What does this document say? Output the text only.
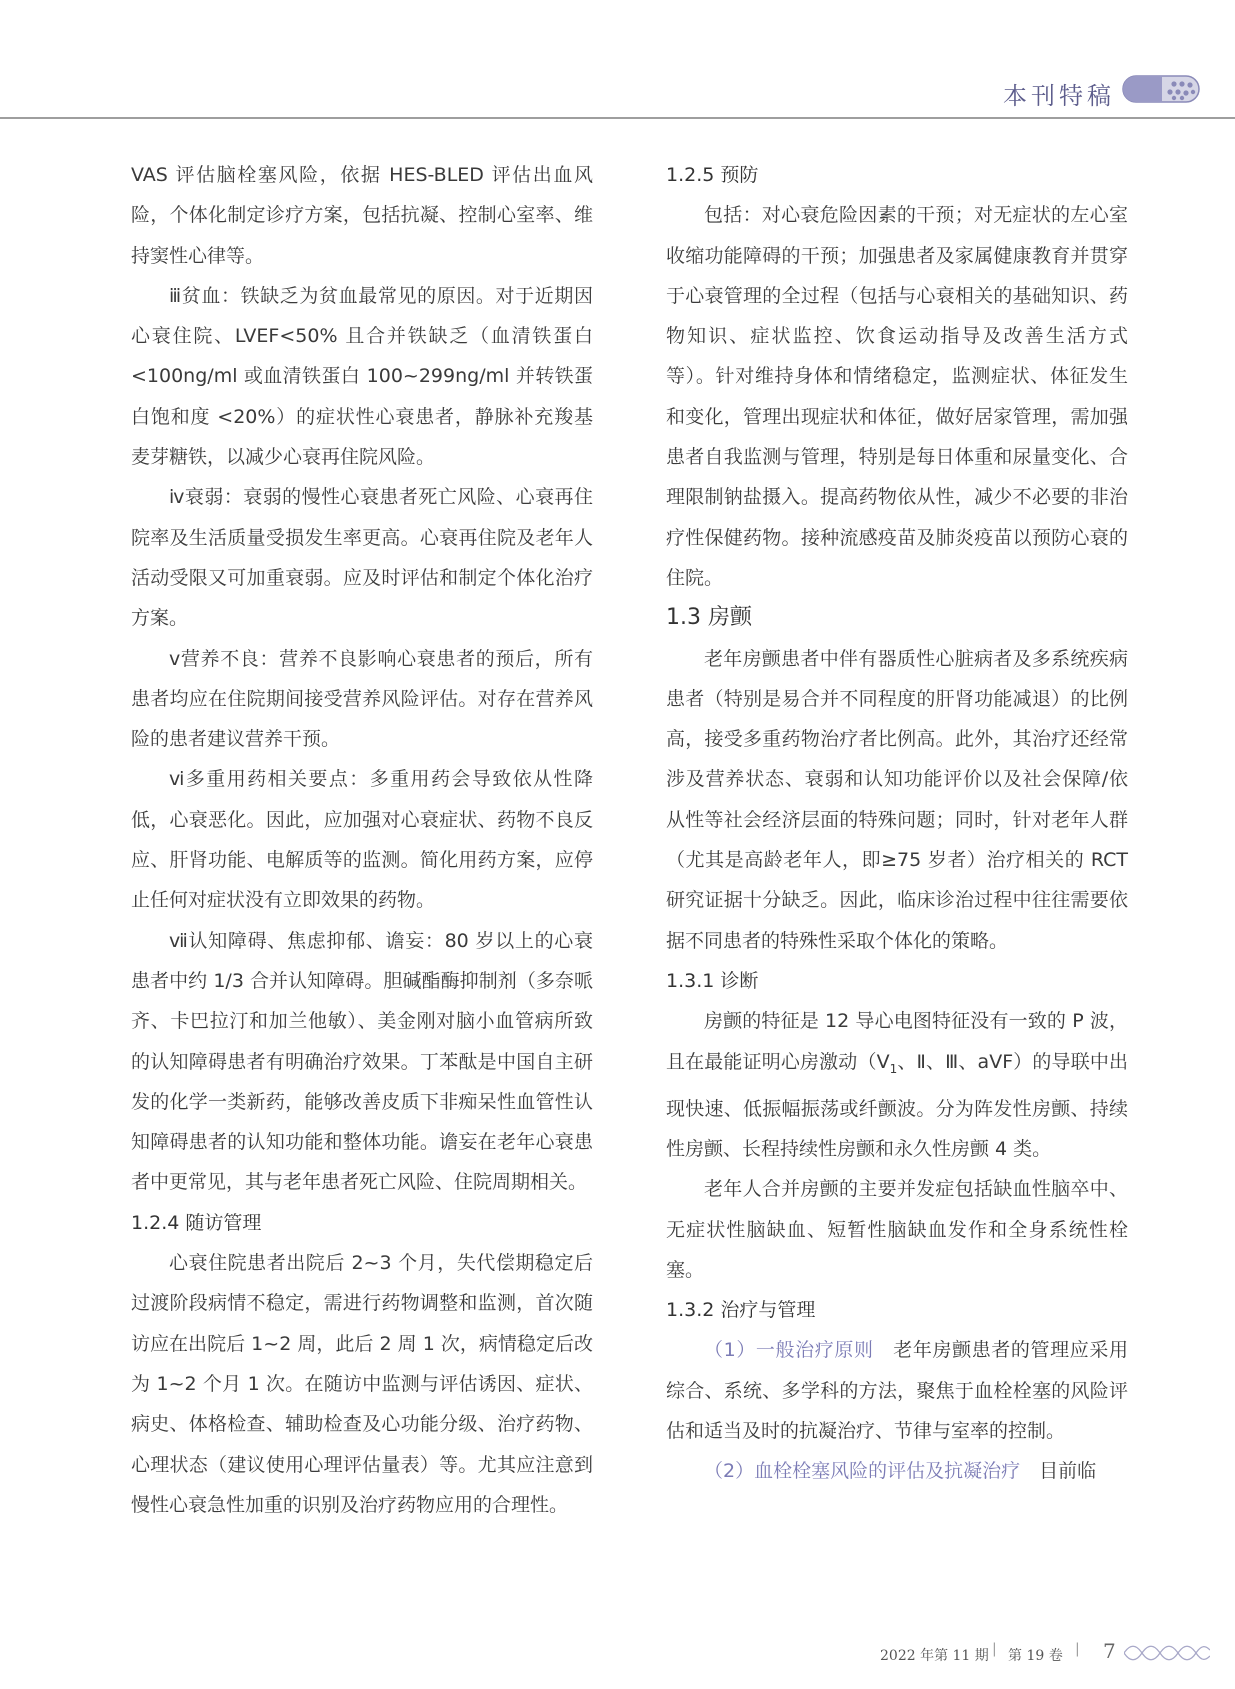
本刊特稿

VAS 评估脑栓塞风险，依据 HES-BLED 评估出血风险，个体化制定诊疗方案，包括抗凝、控制心室率、维持窦性心律等。

ⅲ贫血：铁缺乏为贫血最常见的原因。对于近期因心衰住院、LVEF<50% 且合并铁缺乏（血清铁蛋白 <100ng/ml 或血清铁蛋白 100~299ng/ml 并转铁蛋白饱和度 <20%）的症状性心衰患者，静脉补充羧基麦芽糖铁，以减少心衰再住院风险。

ⅳ衰弱：衰弱的慢性心衰患者死亡风险、心衰再住院率及生活质量受损发生率更高。心衰再住院及老年人活动受限又可加重衰弱。应及时评估和制定个体化治疗方案。

ⅴ营养不良：营养不良影响心衰患者的预后，所有患者均应在住院期间接受营养风险评估。对存在营养风险的患者建议营养干预。

ⅵ多重用药相关要点：多重用药会导致依从性降低，心衰恶化。因此，应加强对心衰症状、药物不良反应、肝肾功能、电解质等的监测。简化用药方案，应停止任何对症状没有立即效果的药物。

ⅶ认知障碍、焦虑抑郁、谵妄：80 岁以上的心衰患者中约 1/3 合并认知障碍。胆碱酯酶抑制剂（多奈哌齐、卡巴拉汀和加兰他敏）、美金刚对脑小血管病所致的认知障碍患者有明确治疗效果。丁苯酞是中国自主研发的化学一类新药，能够改善皮质下非痴呆性血管性认知障碍患者的认知功能和整体功能。谵妄在老年心衰患者中更常见，其与老年患者死亡风险、住院周期相关。

1.2.4 随访管理

心衰住院患者出院后 2~3 个月，失代偿期稳定后过渡阶段病情不稳定，需进行药物调整和监测，首次随访应在出院后 1~2 周，此后 2 周 1 次，病情稳定后改为 1~2 个月 1 次。在随访中监测与评估诱因、症状、病史、体格检查、辅助检查及心功能分级、治疗药物、心理状态（建议使用心理评估量表）等。尤其应注意到慢性心衰急性加重的识别及治疗药物应用的合理性。

1.2.5 预防

包括：对心衰危险因素的干预；对无症状的左心室收缩功能障碍的干预；加强患者及家属健康教育并贯穿于心衰管理的全过程（包括与心衰相关的基础知识、药物知识、症状监控、饮食运动指导及改善生活方式等）。针对维持身体和情绪稳定，监测症状、体征发生和变化，管理出现症状和体征，做好居家管理，需加强患者自我监测与管理，特别是每日体重和尿量变化、合理限制钠盐摄入。提高药物依从性，减少不必要的非治疗性保健药物。接种流感疫苗及肺炎疫苗以预防心衰的住院。

1.3 房颤

老年房颤患者中伴有器质性心脏病者及多系统疾病患者（特别是易合并不同程度的肝肾功能减退）的比例高，接受多重药物治疗者比例高。此外，其治疗还经常涉及营养状态、衰弱和认知功能评价以及社会保障/依从性等社会经济层面的特殊问题；同时，针对老年人群（尤其是高龄老年人，即≥75 岁者）治疗相关的 RCT 研究证据十分缺乏。因此，临床诊治过程中往往需要依据不同患者的特殊性采取个体化的策略。

1.3.1 诊断

房颤的特征是 12 导心电图特征没有一致的 P 波，且在最能证明心房激动（$V_1$、Ⅱ、Ⅲ、aVF）的导联中出现快速、低振幅振荡或纤颤波。分为阵发性房颤、持续性房颤、长程持续性房颤和永久性房颤 4 类。

老年人合并房颤的主要并发症包括缺血性脑卒中、无症状性脑缺血、短暂性脑缺血发作和全身系统性栓塞。

1.3.2 治疗与管理

（1）一般治疗原则　老年房颤患者的管理应采用综合、系统、多学科的方法，聚焦于血栓栓塞的风险评估和适当及时的抗凝治疗、节律与室率的控制。

（2）血栓栓塞风险的评估及抗凝治疗　目前临

2022 年第 11 期 | 第 19 卷 | 7
